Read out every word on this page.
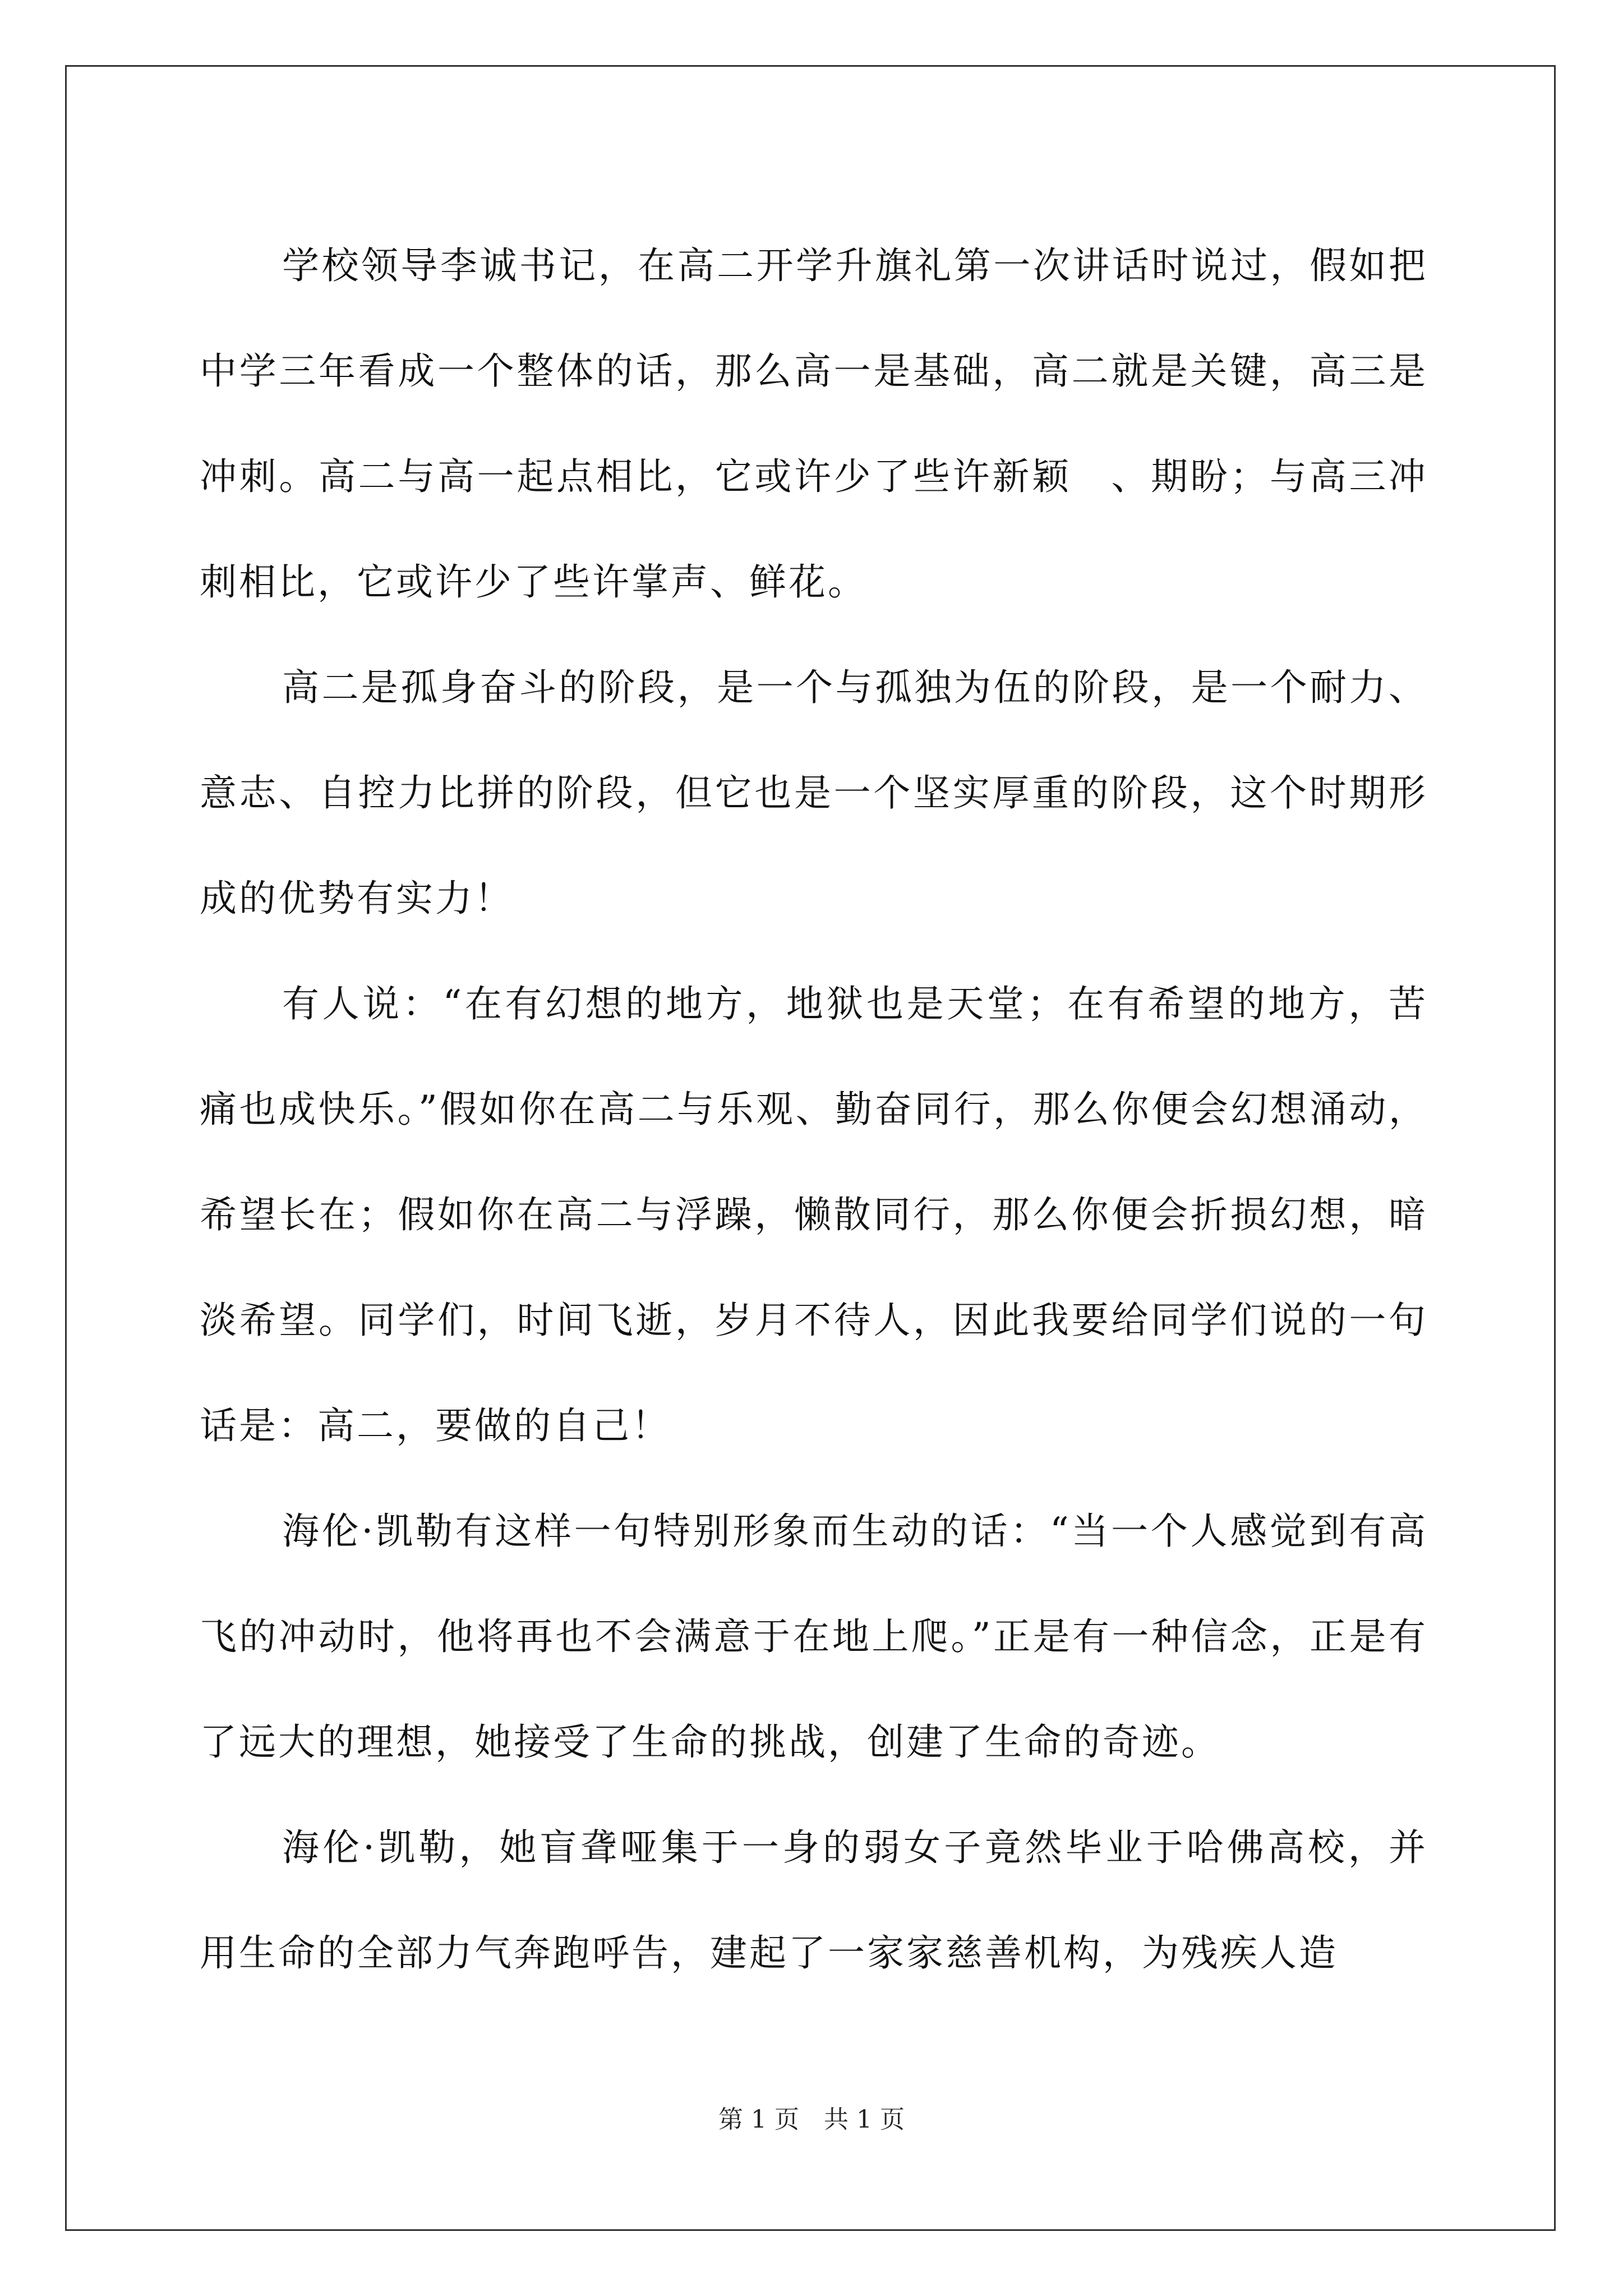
学校领导李诚书记，在高二开学升旗礼第一次讲话时说过，假如把中学三年看成一个整体的话，那么高一是基础，高二就是关键，高三是冲刺。高二与高一起点相比，它或许少了些许新颖　、期盼；与高三冲刺相比，它或许少了些许掌声、鲜花。

高二是孤身奋斗的阶段，是一个与孤独为伍的阶段，是一个耐力、意志、自控力比拼的阶段，但它也是一个坚实厚重的阶段，这个时期形成的优势有实力！

有人说：“在有幻想的地方，地狱也是天堂；在有希望的地方，苦痛也成快乐。”假如你在高二与乐观、勤奋同行，那么你便会幻想涌动，希望长在；假如你在高二与浮躁，懒散同行，那么你便会折损幻想，暗淡希望。同学们，时间飞逝，岁月不待人，因此我要给同学们说的一句话是：高二，要做的自己！

海伦·凯勒有这样一句特别形象而生动的话：“当一个人感觉到有高飞的冲动时，他将再也不会满意于在地上爬。”正是有一种信念，正是有了远大的理想，她接受了生命的挑战，创建了生命的奇迹。

海伦·凯勒，她盲聋哑集于一身的弱女子竟然毕业于哈佛高校，并用生命的全部力气奔跑呼告，建起了一家家慈善机构，为残疾人造

第 1 页　共 1 页
